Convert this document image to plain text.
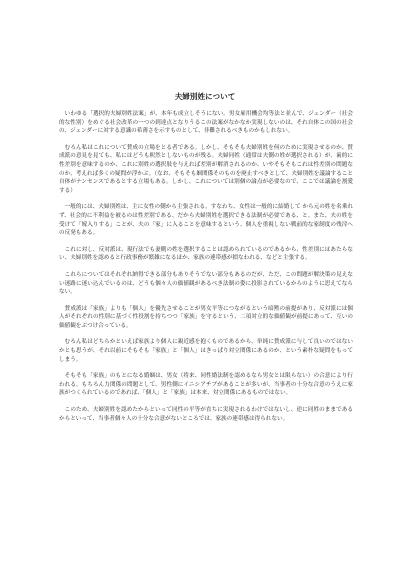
夫婦別姓について

いわゆる「選択的夫婦別姓法案」が、本年も成立しそうにない。男女雇用機会均等法と並んで、ジェンダー（社会的な性別）をめぐる社会改革の一つの到達点となりうるこの法案がなかなか実現しないのは、それ自体この国の社会の、ジェンダーに対する意識の希薄さを示すものとして、非難されるべきものかもしれない。

むろん私はこれについて賛成の立場をとる者である。しかし、そもそも夫婦別姓を何のために実現させるのか、賛成派の意見を見ても、私にはどうも釈然としないものが残る。夫婦同姓（通常は夫側の姓が選択される）が、歯的に性差別を意味するのか、これに別姓の選択肢を与えれば差別が解消されるのか、いやそもそもこれは性差別の問題なのか、考えれば多くの疑問が浮かぶ。（なお、そもそも姻関係そのものを廃止すべきとして、夫婦別姓を議論すること自体がナンセンスであるとする立場もある。しかし、これについては別個の論点が必要なので、ここでは議論を割愛する）

一般的には、夫婦別姓は、主に女性の側から主張される。すなわち、女性は一般的に結婚して から元の姓を名乗れず、社会的に不利益を被るのは性差別である、だから夫婦別姓を選択できる法制が必要である、と。また、夫の姓を受けて「嫁入りする」ことが、夫の「家」に入ることを意味するという、個人を重視しない戦前的な家制度の残滓への反発もある。

これに対し、反対派は、現行法でも妻側の姓を選択することは認められているのであるから、性差別にはあたらない、夫婦別姓を認めると行政事務が繁雑になるほか、家族の連帯感が損なわれる、などと主張する。

これらについてはそれぞれ納得できる部分もありそうでない部分もあるのだが、ただ、この問題が解決策の見えない迷路に迷い込んでいるのは、どうも個々人の価値観があるべき法制の姿に投影されているからのように思えてならない。

賛成派は「家族」よりも「個人」を優先させることが男女平等につながるという暗黙の前提があり、反対派には個人がそれぞれの性別に基づく性役割を持ちつつ「家族」を守るという、二項対立的な価値観が前提にあって、互いの価値観をぶつけ合っている。

むろん私はどちらかといえば家族より個人に親近感を抱くものであるから、単純に賛成派に与して良いのではないかとも思うが、それ以前にそもそも「家族」と「個人」はきっぱり対立関係にあるのか、という素朴な疑問をもってしまう。

そもそも「家族」のもとになる婚姻は、男女（将来、同性婚法制を認めるなら男女とは限らない）の合意により行われる。もちろん力関係の問題として、男性側にイニシアチブがあることが多いが、当事者の十分な合意のうえに家族がつくられているのであれば、「個人」と「家族」は本来、対立関係にあるものではない。

このため、夫婦別姓を認めたからといって同性の平等が直ちに実現されるわけではないし、逆に同姓のままであるからといって、当事者個々人の十分な合意がないところでは、家族の連帯感は得られない。
